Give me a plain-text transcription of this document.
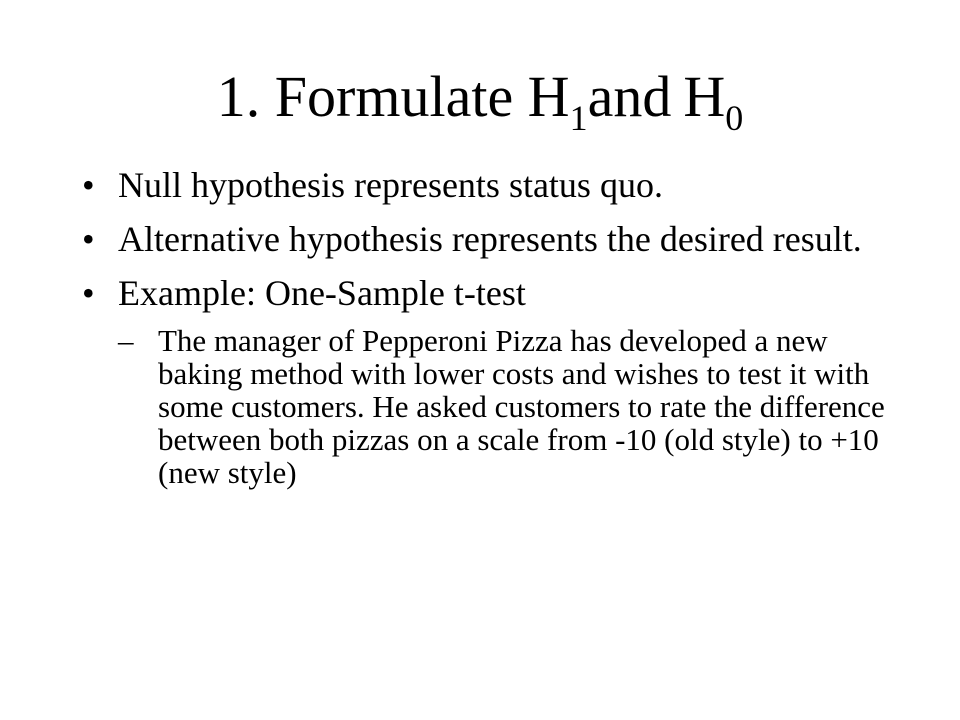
1. Formulate $H_1and$ $H_0$
• Null hypothesis represents status quo.
• Alternative hypothesis represents the desired result.
• Example: One-Sample t-test
– The manager of Pepperoni Pizza has developed a new baking method with lower costs and wishes to test it with some customers. He asked customers to rate the difference between both pizzas on a scale from -10 (old style) to +10 (new style)
